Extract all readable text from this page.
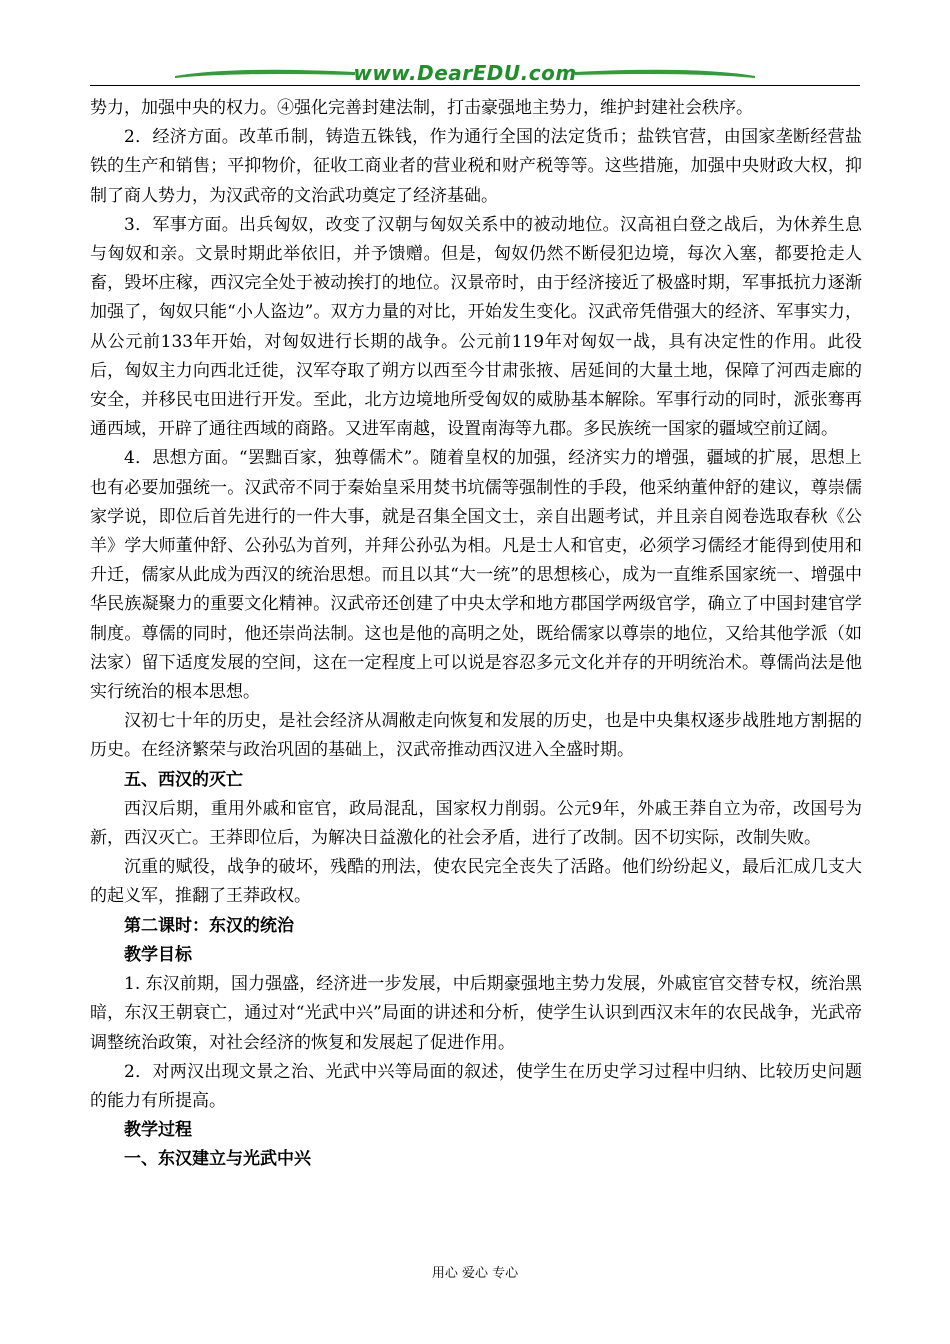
www.DearEDU.com

势力，加强中央的权力。④强化完善封建法制，打击豪强地主势力，维护封建社会秩序。

2．经济方面。改革币制，铸造五铢钱，作为通行全国的法定货币；盐铁官营，由国家垄断经营盐铁的生产和销售；平抑物价，征收工商业者的营业税和财产税等等。这些措施，加强中央财政大权，抑制了商人势力，为汉武帝的文治武功奠定了经济基础。

3．军事方面。出兵匈奴，改变了汉朝与匈奴关系中的被动地位。汉高祖白登之战后，为休养生息与匈奴和亲。文景时期此举依旧，并予馈赠。但是，匈奴仍然不断侵犯边境，每次入塞，都要抢走人畜，毁坏庄稼，西汉完全处于被动挨打的地位。汉景帝时，由于经济接近了极盛时期，军事抵抗力逐渐加强了，匈奴只能“小人盗边”。双方力量的对比，开始发生变化。汉武帝凭借强大的经济、军事实力，从公元前133年开始，对匈奴进行长期的战争。公元前119年对匈奴一战，具有决定性的作用。此役后，匈奴主力向西北迁徙，汉军夺取了朔方以西至今甘肃张掖、居延间的大量土地，保障了河西走廊的安全，并移民屯田进行开发。至此，北方边境地所受匈奴的威胁基本解除。军事行动的同时，派张骞再通西域，开辟了通往西域的商路。又进军南越，设置南海等九郡。多民族统一国家的疆域空前辽阔。

4．思想方面。“罢黜百家，独尊儒术”。随着皇权的加强，经济实力的增强，疆域的扩展，思想上也有必要加强统一。汉武帝不同于秦始皇采用焚书坑儒等强制性的手段，他采纳董仲舒的建议，尊崇儒家学说，即位后首先进行的一件大事，就是召集全国文士，亲自出题考试，并且亲自阅卷选取春秋《公羊》学大师董仲舒、公孙弘为首列，并拜公孙弘为相。凡是士人和官吏，必须学习儒经才能得到使用和升迁，儒家从此成为西汉的统治思想。而且以其“大一统”的思想核心，成为一直维系国家统一、增强中华民族凝聚力的重要文化精神。汉武帝还创建了中央太学和地方郡国学两级官学，确立了中国封建官学制度。尊儒的同时，他还崇尚法制。这也是他的高明之处，既给儒家以尊崇的地位，又给其他学派（如法家）留下适度发展的空间，这在一定程度上可以说是容忍多元文化并存的开明统治术。尊儒尚法是他实行统治的根本思想。

汉初七十年的历史，是社会经济从凋敝走向恢复和发展的历史，也是中央集权逐步战胜地方割据的历史。在经济繁荣与政治巩固的基础上，汉武帝推动西汉进入全盛时期。

五、西汉的灭亡

西汉后期，重用外戚和宦官，政局混乱，国家权力削弱。公元9年，外戚王莽自立为帝，改国号为新，西汉灭亡。王莽即位后，为解决日益激化的社会矛盾，进行了改制。因不切实际，改制失败。

沉重的赋役，战争的破坏，残酷的刑法，使农民完全丧失了活路。他们纷纷起义，最后汇成几支大的起义军，推翻了王莽政权。

第二课时：东汉的统治

教学目标

1. 东汉前期，国力强盛，经济进一步发展，中后期豪强地主势力发展，外戚宦官交替专权，统治黑暗，东汉王朝衰亡，通过对“光武中兴”局面的讲述和分析，使学生认识到西汉末年的农民战争，光武帝调整统治政策，对社会经济的恢复和发展起了促进作用。

2．对两汉出现文景之治、光武中兴等局面的叙述，使学生在历史学习过程中归纳、比较历史问题的能力有所提高。

教学过程

一、东汉建立与光武中兴

用心 爱心 专心
